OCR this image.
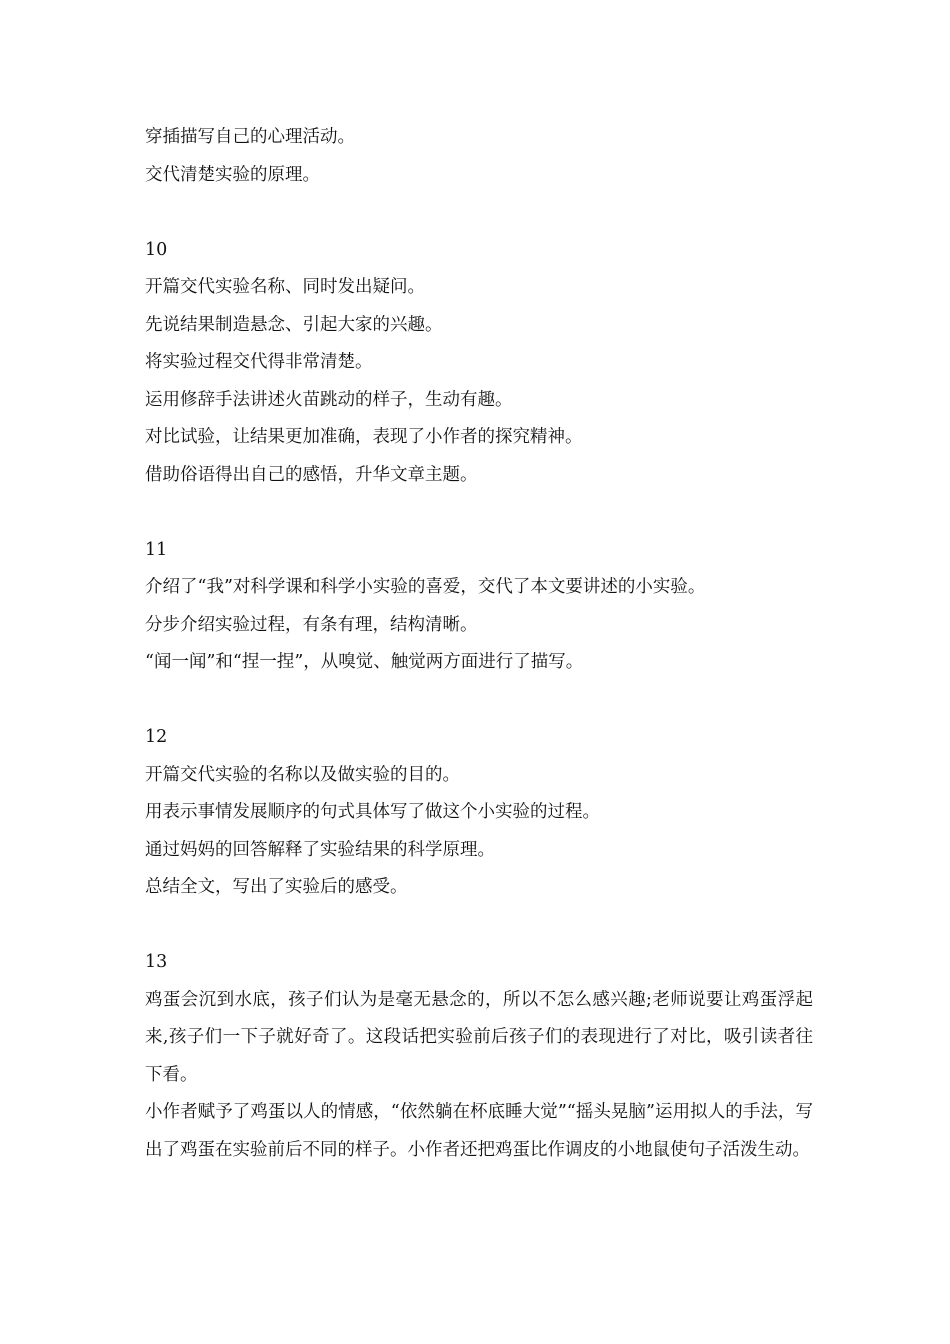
穿插描写自己的心理活动。
交代清楚实验的原理。
10
开篇交代实验名称、同时发出疑问。
先说结果制造悬念、引起大家的兴趣。
将实验过程交代得非常清楚。
运用修辞手法讲述火苗跳动的样子，生动有趣。
对比试验，让结果更加准确，表现了小作者的探究精神。
借助俗语得出自己的感悟，升华文章主题。
11
介绍了“我”对科学课和科学小实验的喜爱，交代了本文要讲述的小实验。
分步介绍实验过程，有条有理，结构清晰。
“闻一闻”和“捏一捏”，从嗅觉、触觉两方面进行了描写。
12
开篇交代实验的名称以及做实验的目的。
用表示事情发展顺序的句式具体写了做这个小实验的过程。
通过妈妈的回答解释了实验结果的科学原理。
总结全文，写出了实验后的感受。
13
鸡蛋会沉到水底，孩子们认为是毫无悬念的，所以不怎么感兴趣;老师说要让鸡蛋浮起来,孩子们一下子就好奇了。这段话把实验前后孩子们的表现进行了对比，吸引读者往下看。
小作者赋予了鸡蛋以人的情感，“依然躺在杯底睡大觉”“摇头晃脑”运用拟人的手法，写出了鸡蛋在实验前后不同的样子。小作者还把鸡蛋比作调皮的小地鼠使句子活泼生动。
